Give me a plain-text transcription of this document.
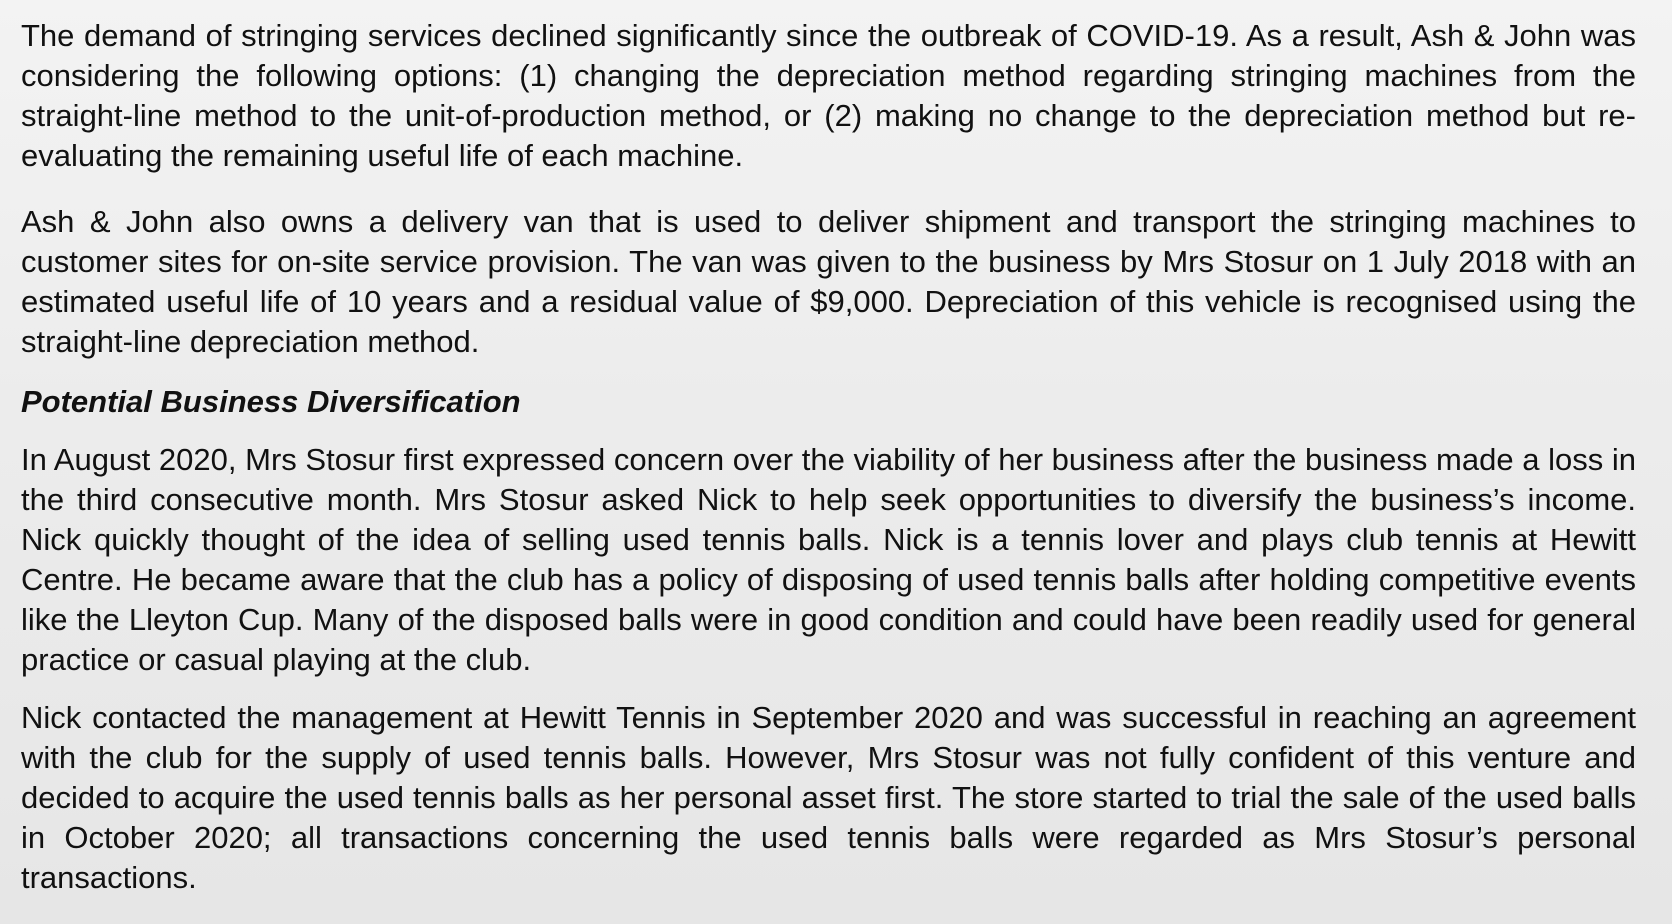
The demand of stringing services declined significantly since the outbreak of COVID-19. As a result, Ash & John was considering the following options: (1) changing the depreciation method regarding stringing machines from the straight-line method to the unit-of-production method, or (2) making no change to the depreciation method but re-evaluating the remaining useful life of each machine.

Ash & John also owns a delivery van that is used to deliver shipment and transport the stringing machines to customer sites for on-site service provision. The van was given to the business by Mrs Stosur on 1 July 2018 with an estimated useful life of 10 years and a residual value of $9,000. Depreciation of this vehicle is recognised using the straight-line depreciation method.

Potential Business Diversification

In August 2020, Mrs Stosur first expressed concern over the viability of her business after the business made a loss in the third consecutive month. Mrs Stosur asked Nick to help seek opportunities to diversify the business’s income. Nick quickly thought of the idea of selling used tennis balls. Nick is a tennis lover and plays club tennis at Hewitt Centre. He became aware that the club has a policy of disposing of used tennis balls after holding competitive events like the Lleyton Cup. Many of the disposed balls were in good condition and could have been readily used for general practice or casual playing at the club.

Nick contacted the management at Hewitt Tennis in September 2020 and was successful in reaching an agreement with the club for the supply of used tennis balls. However, Mrs Stosur was not fully confident of this venture and decided to acquire the used tennis balls as her personal asset first. The store started to trial the sale of the used balls in October 2020; all transactions concerning the used tennis balls were regarded as Mrs Stosur’s personal transactions.
